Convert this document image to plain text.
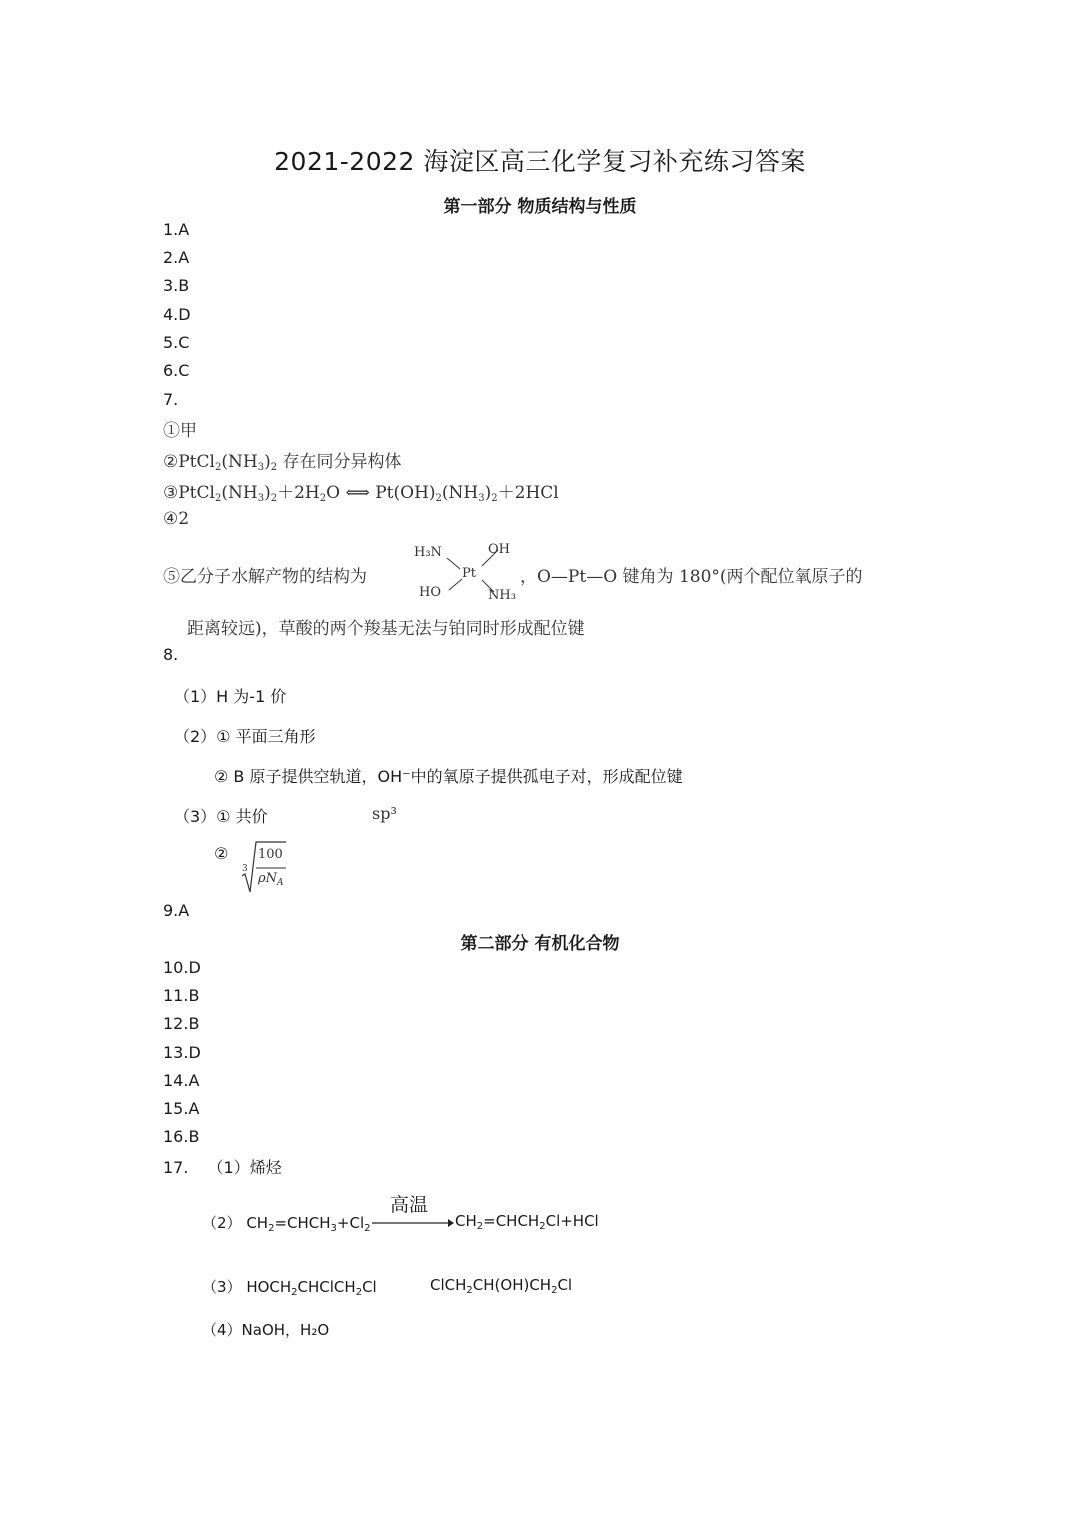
2021-2022 海淀区高三化学复习补充练习答案
第一部分 物质结构与性质
1.A
2.A
3.B
4.D
5.C
6.C
7.
①甲
$②PtCl_2(NH_3)_2$ 存在同分异构体
$③PtCl_2(NH_3)_2+2H_2O$ ⟺ $Pt(OH)_2(NH_3)_2+2HCl$
④2
⑤乙分子水解产物的结构为
H₃N	OH
Pt
HO	NH₃
，O—Pt—O 键角为 180°(两个配位氧原子的
距离较远)，草酸的两个羧基无法与铂同时形成配位键
8.
（1）H 为-1 价
（2）① 平面三角形
② B 原子提供空轨道，OH⁻中的氧原子提供孤电子对，形成配位键
（3）① 共价	sp³
②
3
100
$\rho N_A$
9.A
第二部分 有机化合物
10.D
11.B
12.B
13.D
14.A
15.A
16.B
17. （1）烯烃
（2） $CH_2=CHCH_3+Cl_2$
高温
$CH_2=CHCH_2Cl+HCl$
（3） $HOCH_2CHClCH_2Cl$	$ClCH_2CH(OH)CH_2Cl$
（4）NaOH，H₂O
